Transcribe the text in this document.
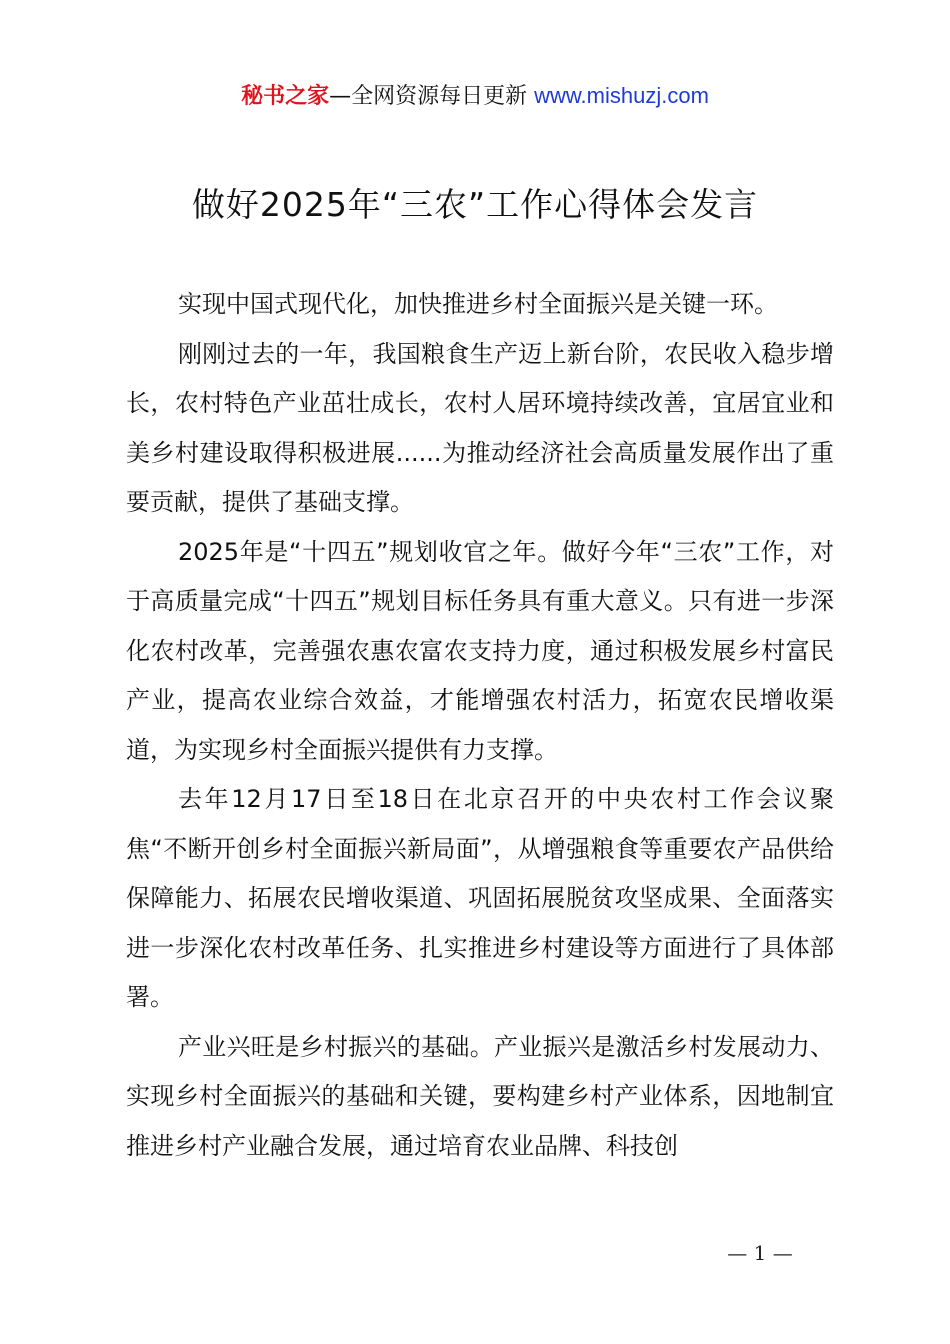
秘书之家—全网资源每日更新 www.mishuzj.com
做好2025年“三农”工作心得体会发言

实现中国式现代化，加快推进乡村全面振兴是关键一环。

刚刚过去的一年，我国粮食生产迈上新台阶，农民收入稳步增长，农村特色产业茁壮成长，农村人居环境持续改善，宜居宜业和美乡村建设取得积极进展......为推动经济社会高质量发展作出了重要贡献，提供了基础支撑。

2025年是“十四五”规划收官之年。做好今年“三农”工作，对于高质量完成“十四五”规划目标任务具有重大意义。只有进一步深化农村改革，完善强农惠农富农支持力度，通过积极发展乡村富民产业，提高农业综合效益，才能增强农村活力，拓宽农民增收渠道，为实现乡村全面振兴提供有力支撑。

去年12月17日至18日在北京召开的中央农村工作会议聚焦“不断开创乡村全面振兴新局面”，从增强粮食等重要农产品供给保障能力、拓展农民增收渠道、巩固拓展脱贫攻坚成果、全面落实进一步深化农村改革任务、扎实推进乡村建设等方面进行了具体部署。

产业兴旺是乡村振兴的基础。产业振兴是激活乡村发展动力、实现乡村全面振兴的基础和关键，要构建乡村产业体系，因地制宜推进乡村产业融合发展，通过培育农业品牌、科技创

— 1 —
